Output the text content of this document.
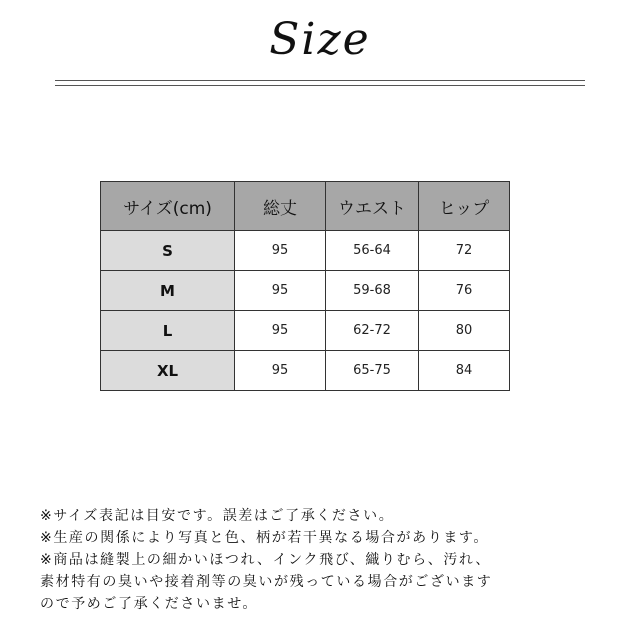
Size
サイズ(cm)	総丈	ウエスト	ヒップ
S	95	56-64	72
M	95	59-68	76
L	95	62-72	80
XL	95	65-75	84
※サイズ表記は目安です。誤差はご了承ください。
※生産の関係により写真と色、柄が若干異なる場合があります。
※商品は縫製上の細かいほつれ、インク飛び、織りむら、汚れ、
素材特有の臭いや接着剤等の臭いが残っている場合がございます
ので予めご了承くださいませ。
